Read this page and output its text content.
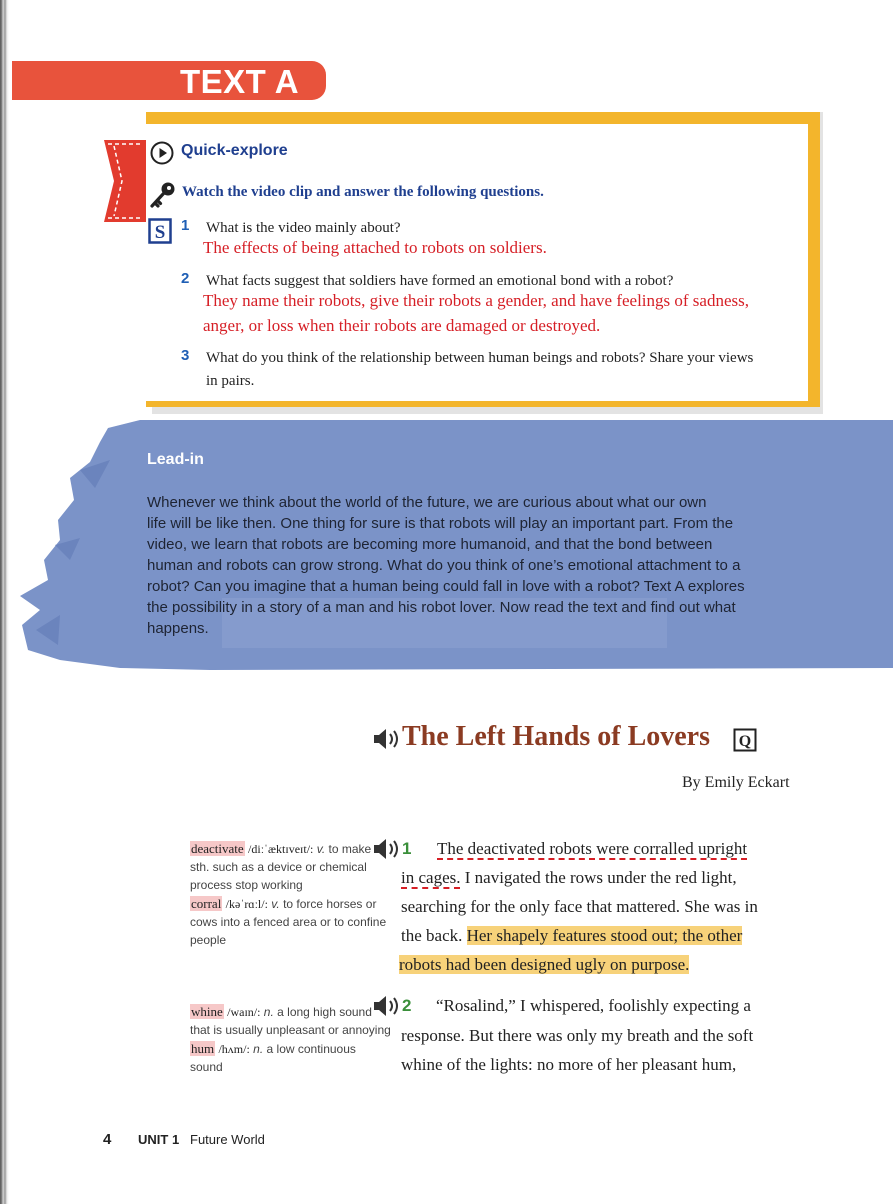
TEXT A
Quick-explore
Watch the video clip and answer the following questions.
S 1 What is the video mainly about?
The effects of being attached to robots on soldiers.
2 What facts suggest that soldiers have formed an emotional bond with a robot?
They name their robots, give their robots a gender, and have feelings of sadness,
anger, or loss when their robots are damaged or destroyed.
3 What do you think of the relationship between human beings and robots? Share your views
in pairs.
Lead-in
Whenever we think about the world of the future, we are curious about what our own
life will be like then. One thing for sure is that robots will play an important part. From the
video, we learn that robots are becoming more humanoid, and that the bond between
human and robots can grow strong. What do you think of one’s emotional attachment to a
robot? Can you imagine that a human being could fall in love with a robot? Text A explores
the possibility in a story of a man and his robot lover. Now read the text and find out what
happens.
The Left Hands of Lovers Q
By Emily Eckart
deactivate /diːˈæktɪveɪt/: v. to make
sth. such as a device or chemical
process stop working
corral /kəˈrɑːl/: v. to force horses or
cows into a fenced area or to confine
people
whine /waɪn/: n. a long high sound
that is usually unpleasant or annoying
hum /hʌm/: n. a low continuous
sound
1 The deactivated robots were corralled upright
in cages. I navigated the rows under the red light,
searching for the only face that mattered. She was in
the back. Her shapely features stood out; the other
robots had been designed ugly on purpose.
2 “Rosalind,” I whispered, foolishly expecting a
response. But there was only my breath and the soft
whine of the lights: no more of her pleasant hum,
4 UNIT 1 Future World
